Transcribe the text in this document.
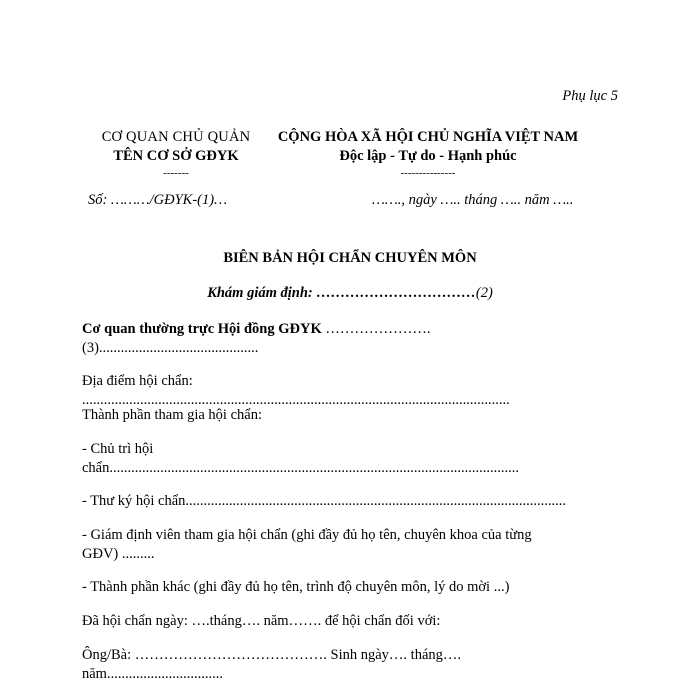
Phụ lục 5
CƠ QUAN CHỦ QUẢN
TÊN CƠ SỞ GĐYK
-------
CỘNG HÒA XÃ HỘI CHỦ NGHĨA VIỆT NAM
Độc lập - Tự do - Hạnh phúc
---------------
Số: ………/GĐYK-(1)…	……., ngày ….. tháng ….. năm …..
BIÊN BẢN HỘI CHẨN CHUYÊN MÔN
Khám giám định: ……………………………(2)
Cơ quan thường trực Hội đồng GĐYK ………………….
(3)............................................
Địa điểm hội chẩn: ......................................................................................................................
Thành phần tham gia hội chẩn:
- Chủ trì hội
chẩn.................................................................................................................
- Thư ký hội chẩn.........................................................................................................
- Giám định viên tham gia hội chẩn (ghi đầy đủ họ tên, chuyên khoa của từng
GĐV) .........
- Thành phần khác (ghi đầy đủ họ tên, trình độ chuyên môn, lý do mời ...)
Đã hội chẩn ngày: ….tháng…. năm……. để hội chẩn đối với:
Ông/Bà: …………………………………. Sinh ngày…. tháng….
năm................................
